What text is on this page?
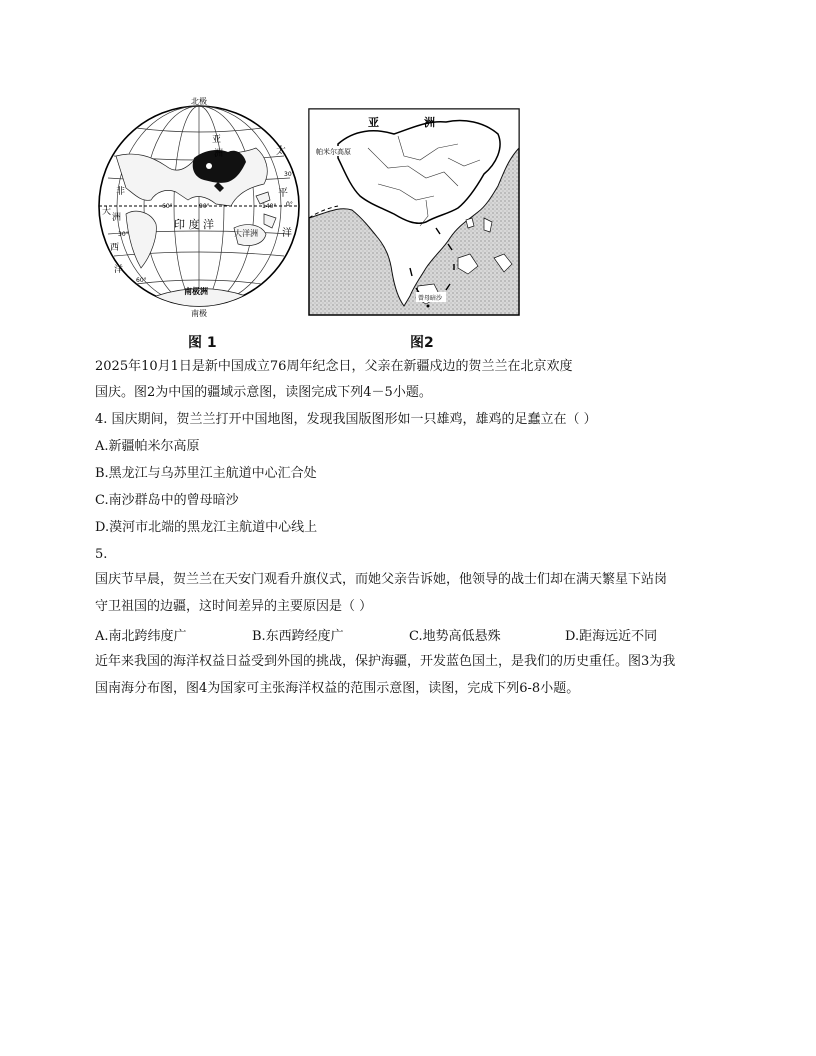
北极
南极
南极洲
亚
洲	太
平
洋
非
洲	印 度 洋
大洋洲
大
西
洋
60°	90°	140°
30°
0°
30°
60°
图 1
亚	洲
帕米尔高原
曾母暗沙
图2
2025年10月1日是新中国成立76周年纪念日，父亲在新疆戍边的贺兰兰在北京欢度
国庆。图2为中国的疆域示意图，读图完成下列4－5小题。
4. 国庆期间，贺兰兰打开中国地图，发现我国版图形如一只雄鸡，雄鸡的足蠢立在（ ）
A.新疆帕米尔高原
B.黑龙江与乌苏里江主航道中心汇合处
C.南沙群岛中的曾母暗沙
D.漠河市北端的黑龙江主航道中心线上
5.
国庆节早晨，贺兰兰在天安门观看升旗仪式，而她父亲告诉她，他领导的战士们却在满天繁星下站岗
守卫祖国的边疆，这时间差异的主要原因是（ ）
A.南北跨纬度广	B.东西跨经度广	C.地势高低悬殊	D.距海远近不同
近年来我国的海洋权益日益受到外国的挑战，保护海疆，开发蓝色国土，是我们的历史重任。图3为我
国南海分布图，图4为国家可主张海洋权益的范围示意图，读图，完成下列6-8小题。
